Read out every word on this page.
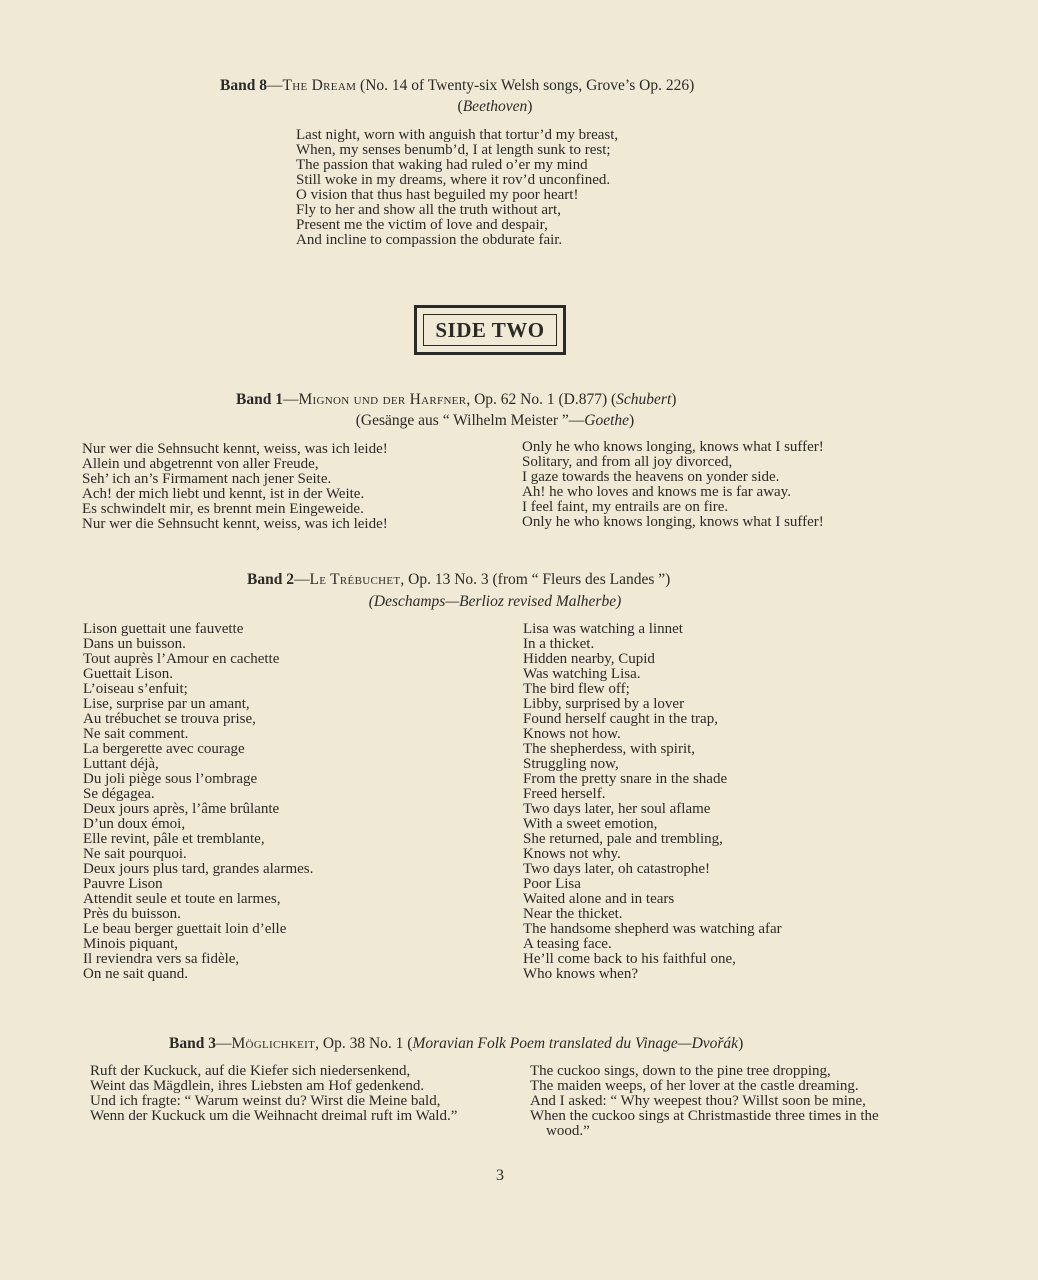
Band 8—The Dream (No. 14 of Twenty-six Welsh songs, Grove’s Op. 226)
(Beethoven)
Last night, worn with anguish that tortur’d my breast,
When, my senses benumb’d, I at length sunk to rest;
The passion that waking had ruled o’er my mind
Still woke in my dreams, where it rov’d unconfined.
O vision that thus hast beguiled my poor heart!
Fly to her and show all the truth without art,
Present me the victim of love and despair,
And incline to compassion the obdurate fair.
SIDE TWO
Band 1—Mignon und der Harfner, Op. 62 No. 1 (D.877) (Schubert)
(Gesänge aus “ Wilhelm Meister ”—Goethe)
Nur wer die Sehnsucht kennt, weiss, was ich leide!
Allein und abgetrennt von aller Freude,
Seh’ ich an’s Firmament nach jener Seite.
Ach! der mich liebt und kennt, ist in der Weite.
Es schwindelt mir, es brennt mein Eingeweide.
Nur wer die Sehnsucht kennt, weiss, was ich leide!
Only he who knows longing, knows what I suffer!
Solitary, and from all joy divorced,
I gaze towards the heavens on yonder side.
Ah! he who loves and knows me is far away.
I feel faint, my entrails are on fire.
Only he who knows longing, knows what I suffer!
Band 2—Le Trébuchet, Op. 13 No. 3 (from “ Fleurs des Landes ”)
(Deschamps—Berlioz revised Malherbe)
Lison guettait une fauvette
Dans un buisson.
Tout auprès l’Amour en cachette
Guettait Lison.
L’oiseau s’enfuit;
Lise, surprise par un amant,
Au trébuchet se trouva prise,
Ne sait comment.
La bergerette avec courage
Luttant déjà,
Du joli piège sous l’ombrage
Se dégagea.
Deux jours après, l’âme brûlante
D’un doux émoi,
Elle revint, pâle et tremblante,
Ne sait pourquoi.
Deux jours plus tard, grandes alarmes.
Pauvre Lison
Attendit seule et toute en larmes,
Près du buisson.
Le beau berger guettait loin d’elle
Minois piquant,
Il reviendra vers sa fidèle,
On ne sait quand.
Lisa was watching a linnet
In a thicket.
Hidden nearby, Cupid
Was watching Lisa.
The bird flew off;
Libby, surprised by a lover
Found herself caught in the trap,
Knows not how.
The shepherdess, with spirit,
Struggling now,
From the pretty snare in the shade
Freed herself.
Two days later, her soul aflame
With a sweet emotion,
She returned, pale and trembling,
Knows not why.
Two days later, oh catastrophe!
Poor Lisa
Waited alone and in tears
Near the thicket.
The handsome shepherd was watching afar
A teasing face.
He’ll come back to his faithful one,
Who knows when?
Band 3—Möglichkeit, Op. 38 No. 1 (Moravian Folk Poem translated du Vinage—Dvořák)
Ruft der Kuckuck, auf die Kiefer sich niedersenkend,
Weint das Mägdlein, ihres Liebsten am Hof gedenkend.
Und ich fragte: “ Warum weinst du? Wirst die Meine bald,
Wenn der Kuckuck um die Weihnacht dreimal ruft im Wald.”
The cuckoo sings, down to the pine tree dropping,
The maiden weeps, of her lover at the castle dreaming.
And I asked: “ Why weepest thou? Willst soon be mine,
When the cuckoo sings at Christmastide three times in the wood.”
3
